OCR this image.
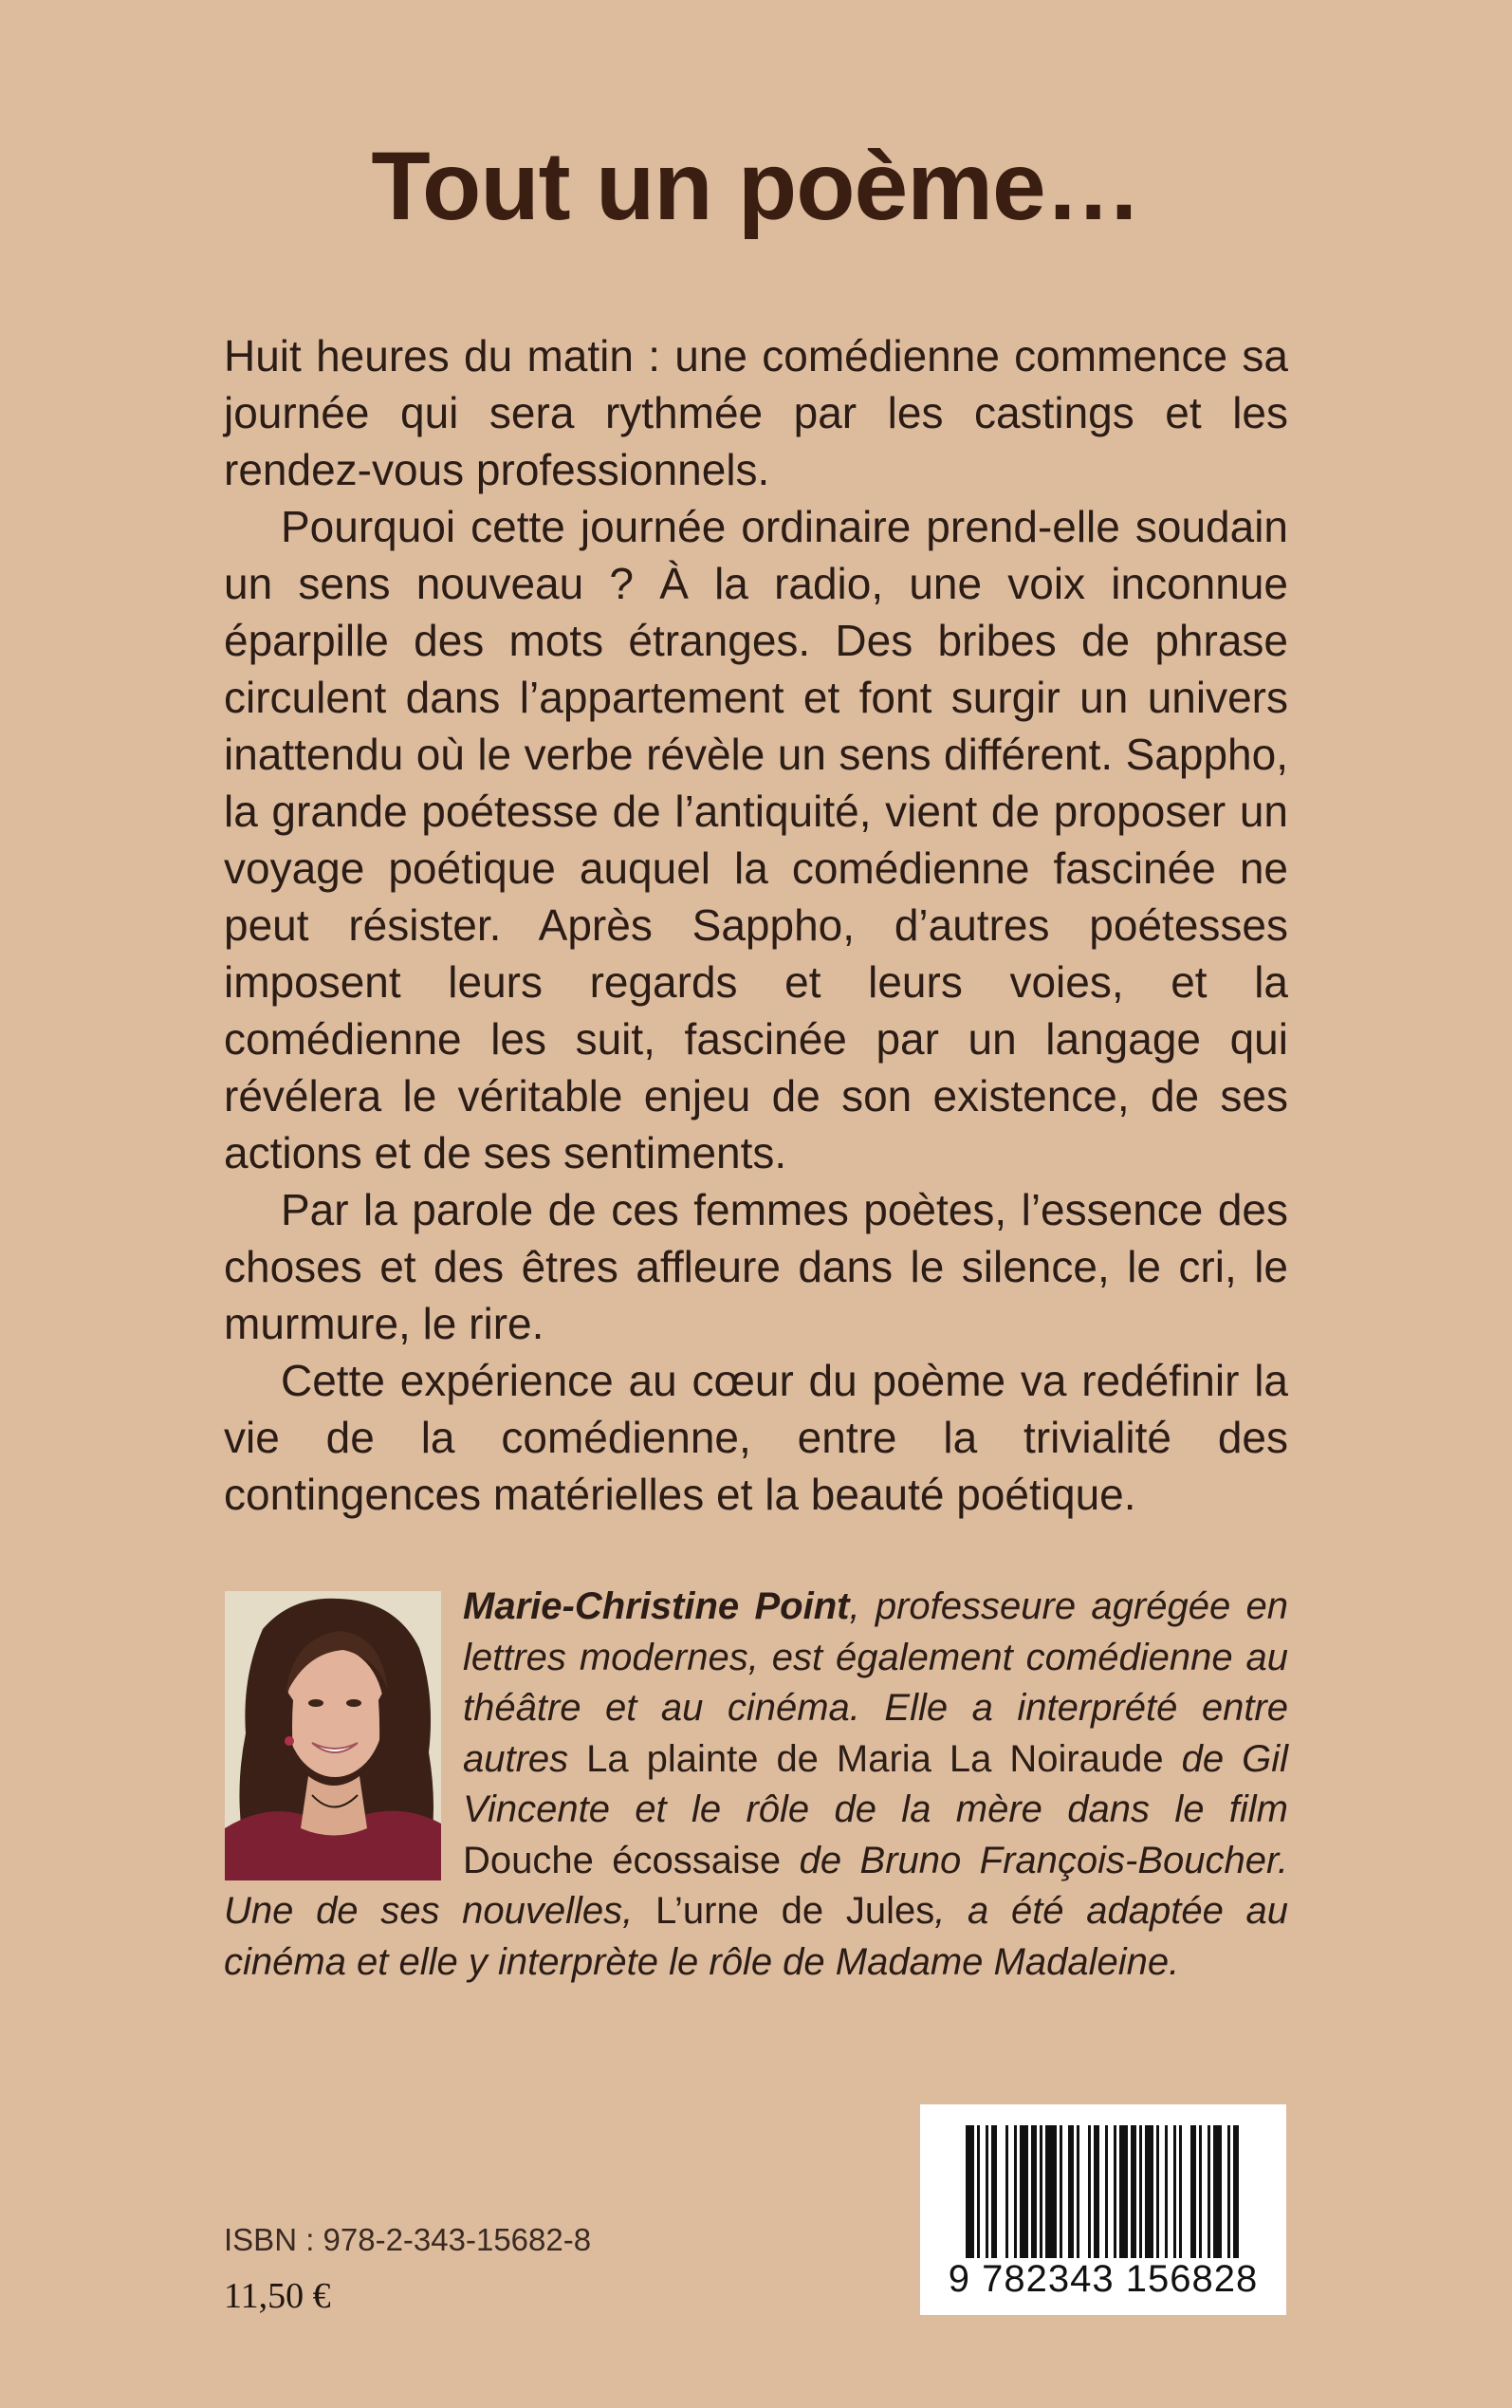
Tout un poème…

Huit heures du matin : une comédienne commence sa journée qui sera rythmée par les castings et les rendez-vous professionnels.

Pourquoi cette journée ordinaire prend-elle soudain un sens nouveau ? À la radio, une voix inconnue éparpille des mots étranges. Des bribes de phrase circulent dans l’appartement et font surgir un univers inattendu où le verbe révèle un sens différent. Sappho, la grande poétesse de l’antiquité, vient de proposer un voyage poétique auquel la comédienne fascinée ne peut résister. Après Sappho, d’autres poétesses imposent leurs regards et leurs voies, et la comédienne les suit, fascinée par un langage qui révélera le véritable enjeu de son existence, de ses actions et de ses sentiments.

Par la parole de ces femmes poètes, l’essence des choses et des êtres affleure dans le silence, le cri, le murmure, le rire.

Cette expérience au cœur du poème va redéfinir la vie de la comédienne, entre la trivialité des contingences matérielles et la beauté poétique.

Marie-Christine Point, professeure agrégée en lettres modernes, est également comédienne au théâtre et au cinéma. Elle a interprété entre autres La plainte de Maria La Noiraude de Gil Vincente et le rôle de la mère dans le film Douche écossaise de Bruno François-Boucher. Une de ses nouvelles, L’urne de Jules, a été adaptée au cinéma et elle y interprète le rôle de Madame Madaleine.
ISBN : 978-2-343-15682-8
11,50 €	9 782343 156828
